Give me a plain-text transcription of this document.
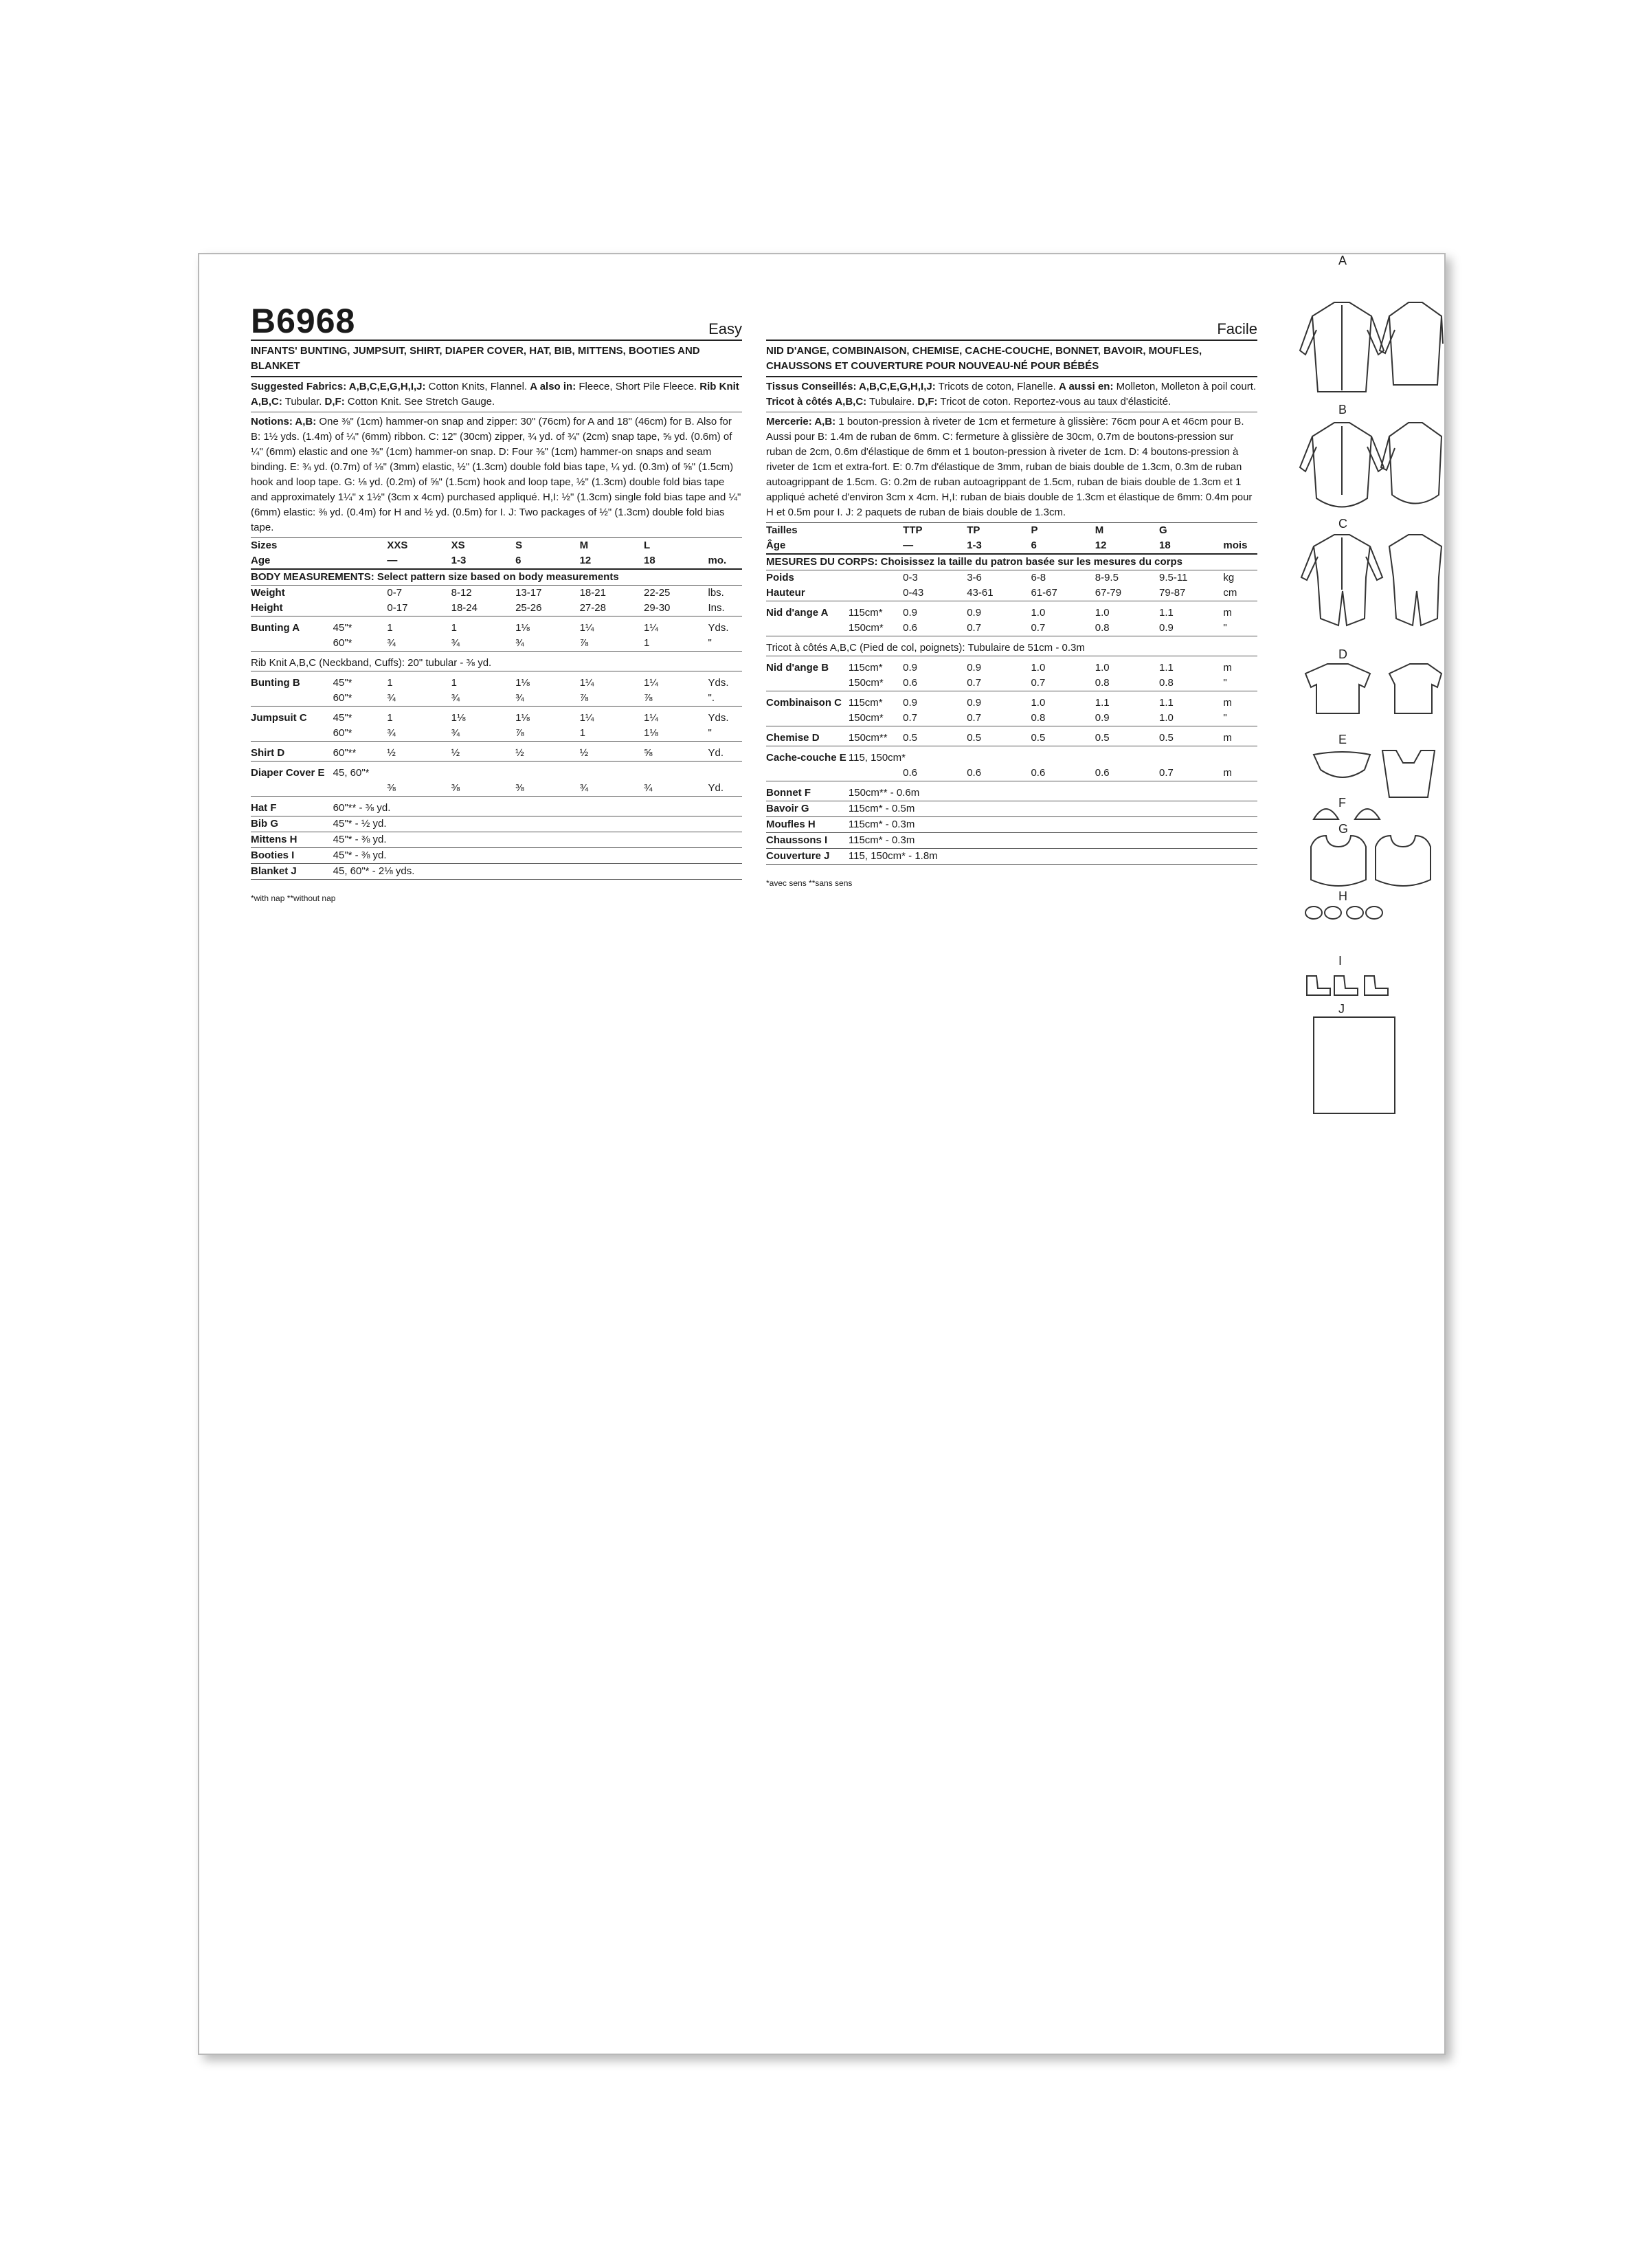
B6968	Easy
INFANTS' BUNTING, JUMPSUIT, SHIRT, DIAPER COVER, HAT, BIB, MITTENS, BOOTIES AND BLANKET
Suggested Fabrics: A,B,C,E,G,H,I,J: Cotton Knits, Flannel. A also in: Fleece, Short Pile Fleece. Rib Knit A,B,C: Tubular. D,F: Cotton Knit. See Stretch Gauge.
Notions: A,B: One ⅜" (1cm) hammer-on snap and zipper: 30" (76cm) for A and 18" (46cm) for B. Also for B: 1½ yds. (1.4m) of ¼" (6mm) ribbon. C: 12" (30cm) zipper, ¾ yd. of ¾" (2cm) snap tape, ⅝ yd. (0.6m) of ¼" (6mm) elastic and one ⅜" (1cm) hammer-on snap. D: Four ⅜" (1cm) hammer-on snaps and seam binding. E: ¾ yd. (0.7m) of ⅛" (3mm) elastic, ½" (1.3cm) double fold bias tape, ¼ yd. (0.3m) of ⅝" (1.5cm) hook and loop tape. G: ⅛ yd. (0.2m) of ⅝" (1.5cm) hook and loop tape, ½" (1.3cm) double fold bias tape and approximately 1¼" x 1½" (3cm x 4cm) purchased appliqué. H,I: ½" (1.3cm) single fold bias tape and ¼" (6mm) elastic: ⅜ yd. (0.4m) for H and ½ yd. (0.5m) for I. J: Two packages of ½" (1.3cm) double fold bias tape.
Sizes		XXS	XS	S	M	L	
Age		—	1-3	6	12	18	mo.
BODY MEASUREMENTS: Select pattern size based on body measurements							
Weight		0-7	8-12	13-17	18-21	22-25	lbs.
Height		0-17	18-24	25-26	27-28	29-30	Ins.

Bunting A	45"*	1	1	1⅛	1¼	1¼	Yds.
	60"*	¾	¾	¾	⅞	1	"

Rib Knit A,B,C (Neckband, Cuffs): 20" tubular - ⅜ yd.							

Bunting B	45"*	1	1	1⅛	1¼	1¼	Yds.
	60"*	¾	¾	¾	⅞	⅞	".

Jumpsuit C	45"*	1	1⅛	1⅛	1¼	1¼	Yds.
	60"*	¾	¾	⅞	1	1⅛	"

Shirt D	60"**	½	½	½	½	⅝	Yd.

Diaper Cover E	45, 60"*						
		⅜	⅜	⅜	¾	¾	Yd.

Hat F	60"** - ⅜ yd.						
Bib G	45"* - ½ yd.						
Mittens H	45"* - ⅜ yd.						
Booties I	45"* - ⅜ yd.						
Blanket J	45, 60"* - 2⅛ yds.						
*with nap **without nap
Facile
NID D'ANGE, COMBINAISON, CHEMISE, CACHE-COUCHE, BONNET, BAVOIR, MOUFLES, CHAUSSONS ET COUVERTURE POUR NOUVEAU-NÉ POUR BÉBÉS
Tissus Conseillés: A,B,C,E,G,H,I,J: Tricots de coton, Flanelle. A aussi en: Molleton, Molleton à poil court. Tricot à côtés A,B,C: Tubulaire. D,F: Tricot de coton. Reportez-vous au taux d'élasticité.
Mercerie: A,B: 1 bouton-pression à riveter de 1cm et fermeture à glissière: 76cm pour A et 46cm pour B. Aussi pour B: 1.4m de ruban de 6mm. C: fermeture à glissière de 30cm, 0.7m de boutons-pression sur ruban de 2cm, 0.6m d'élastique de 6mm et 1 bouton-pression à riveter de 1cm. D: 4 boutons-pression à riveter de 1cm et extra-fort. E: 0.7m d'élastique de 3mm, ruban de biais double de 1.3cm, 0.3m de ruban autoagrippant de 1.5cm. G: 0.2m de ruban autoagrippant de 1.5cm, ruban de biais double de 1.3cm et 1 appliqué acheté d'environ 3cm x 4cm. H,I: ruban de biais double de 1.3cm et élastique de 6mm: 0.4m pour H et 0.5m pour I. J: 2 paquets de ruban de biais double de 1.3cm.
Tailles		TTP	TP	P	M	G	
Âge		—	1-3	6	12	18	mois
MESURES DU CORPS: Choisissez la taille du patron basée sur les mesures du corps							
Poids		0-3	3-6	6-8	8-9.5	9.5-11	kg
Hauteur		0-43	43-61	61-67	67-79	79-87	cm

Nid d'ange A	115cm*	0.9	0.9	1.0	1.0	1.1	m
	150cm*	0.6	0.7	0.7	0.8	0.9	"

Tricot à côtés A,B,C (Pied de col, poignets): Tubulaire de 51cm - 0.3m							

Nid d'ange B	115cm*	0.9	0.9	1.0	1.0	1.1	m
	150cm*	0.6	0.7	0.7	0.8	0.8	"

Combinaison C	115cm*	0.9	0.9	1.0	1.1	1.1	m
	150cm*	0.7	0.7	0.8	0.9	1.0	"

Chemise D	150cm**	0.5	0.5	0.5	0.5	0.5	m

Cache-couche E	115, 150cm*						
		0.6	0.6	0.6	0.6	0.7	m

Bonnet F	150cm** - 0.6m						
Bavoir G	115cm* - 0.5m						
Moufles H	115cm* - 0.3m						
Chaussons I	115cm* - 0.3m						
Couverture J	115, 150cm* - 1.8m						
*avec sens **sans sens
A
B
C
D
E
F
G
H
I
J
